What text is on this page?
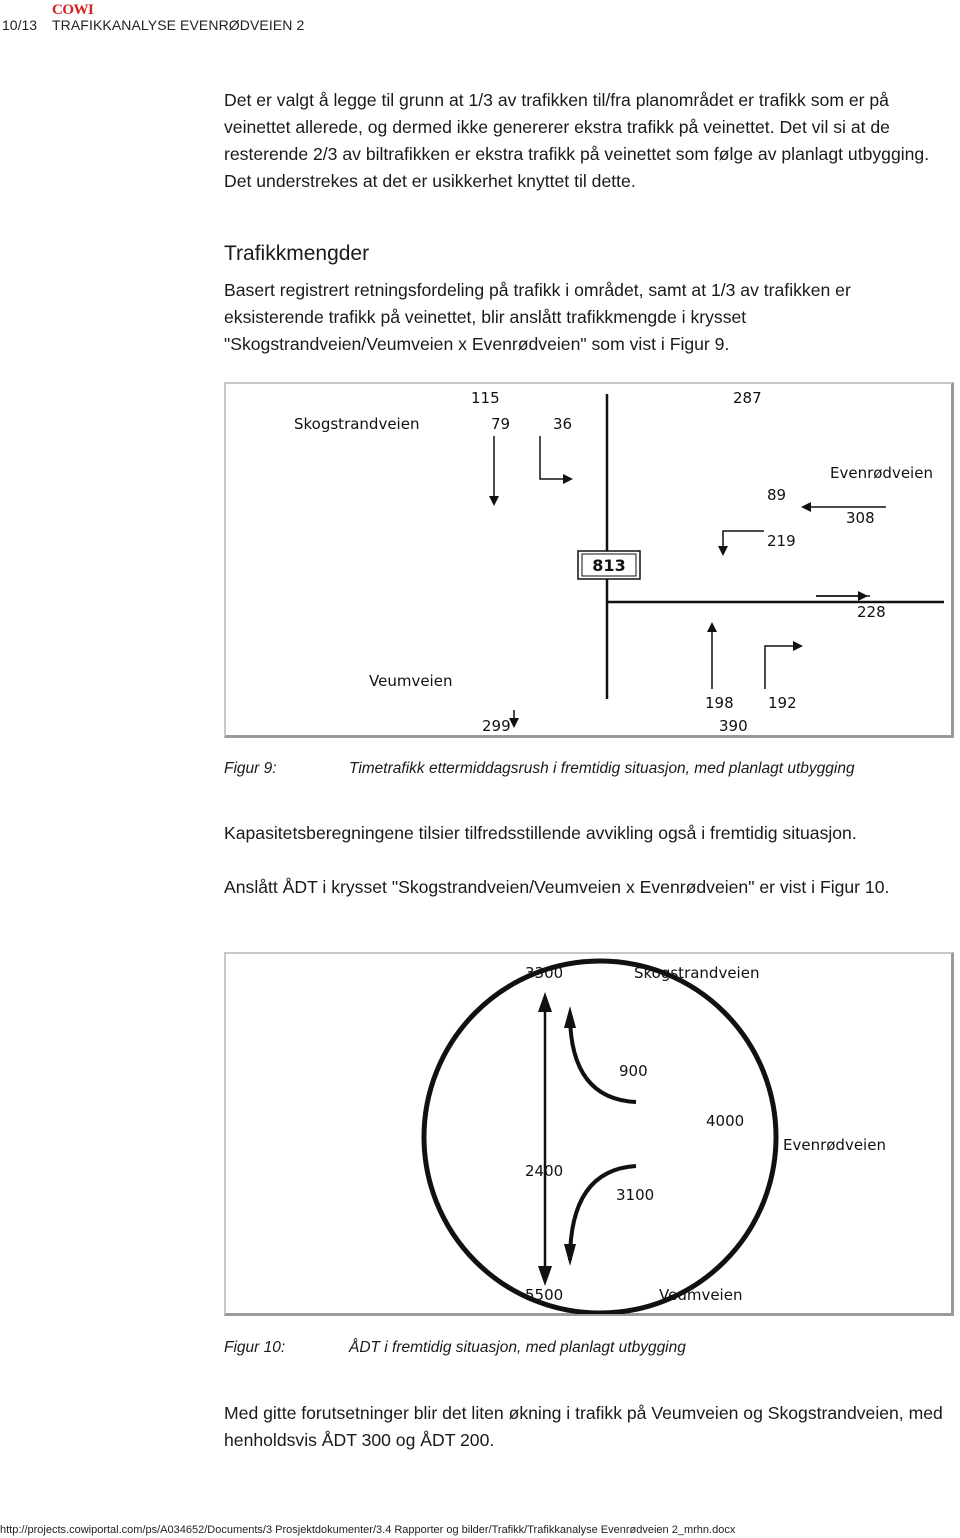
10/13
COWI
TRAFIKKANALYSE EVENRØDVEIEN 2

Det er valgt å legge til grunn at 1/3 av trafikken til/fra planområdet er trafikk som er på veinettet allerede, og dermed ikke genererer ekstra trafikk på veinettet. Det vil si at de resterende 2/3 av biltrafikken er ekstra trafikk på veinettet som følge av planlagt utbygging. Det understrekes at det er usikkerhet knyttet til dette.

Trafikkmengder

Basert registrert retningsfordeling på trafikk i området, samt at 1/3 av trafikken er eksisterende trafikk på veinettet, blir anslått trafikkmengde i krysset "Skogstrandveien/Veumveien x Evenrødveien" som vist i Figur 9.

813
Skogstrandveien
Evenrødveien
Veumveien
115
79	36
287
89
308
219
228
198 192
390
299
Figur 9:	Timetrafikk ettermiddagsrush i fremtidig situasjon, med planlagt utbygging

Kapasitetsberegningene tilsier tilfredsstillende avvikling også i fremtidig situasjon.

Anslått ÅDT i krysset "Skogstrandveien/Veumveien x Evenrødveien" er vist i Figur 10.

Skogstrandveien
Evenrødveien
Veumveien
3300
900
4000
2400
3100
5500
Figur 10:	ÅDT i fremtidig situasjon, med planlagt utbygging

Med gitte forutsetninger blir det liten økning i trafikk på Veumveien og Skogstrandveien, med henholdsvis ÅDT 300 og ÅDT 200.

http://projects.cowiportal.com/ps/A034652/Documents/3 Prosjektdokumenter/3.4 Rapporter og bilder/Trafikk/Trafikkanalyse Evenrødveien 2_mrhn.docx
